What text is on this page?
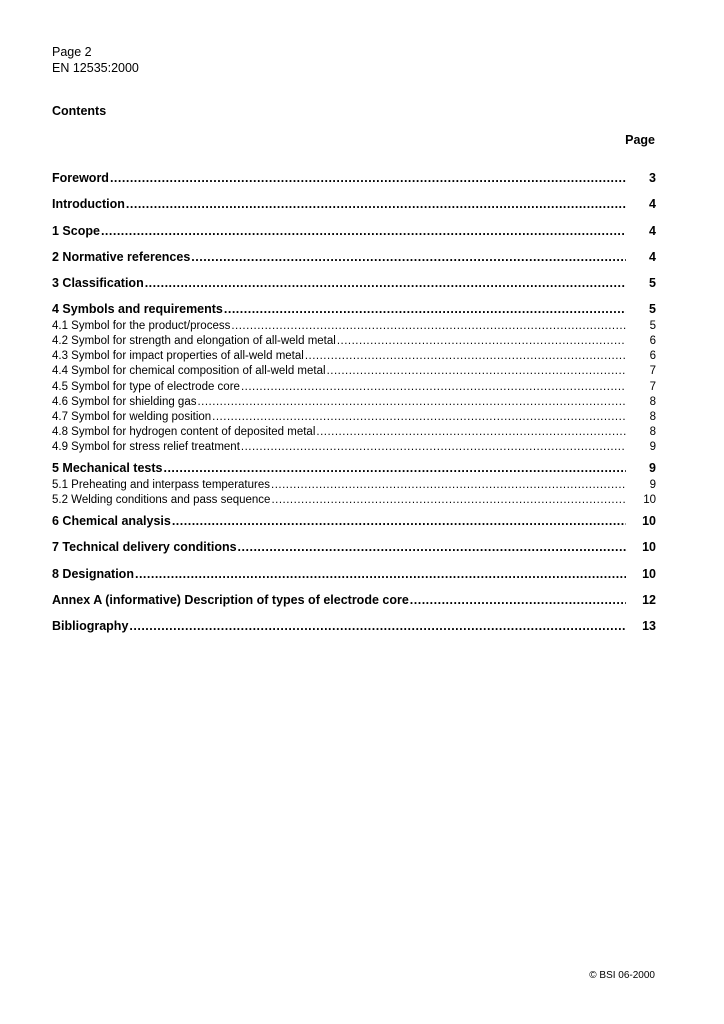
Page 2
EN 12535:2000
Contents
Page
Foreword .....	3
Introduction .....	4
1 Scope .....	4
2 Normative references .....	4
3 Classification .....	5
4 Symbols and requirements .....	5
4.1 Symbol for the product/process .....	5
4.2 Symbol for strength and elongation of all-weld metal .....	6
4.3 Symbol for impact properties of all-weld metal .....	6
4.4 Symbol for chemical composition of all-weld metal .....	7
4.5 Symbol for type of electrode core .....	7
4.6 Symbol for shielding gas .....	8
4.7 Symbol for welding position .....	8
4.8 Symbol for hydrogen content of deposited metal .....	8
4.9 Symbol for stress relief treatment .....	9
5 Mechanical tests .....	9
5.1 Preheating and interpass temperatures .....	9
5.2 Welding conditions and pass sequence .....	10
6 Chemical analysis .....	10
7 Technical delivery conditions .....	10
8 Designation .....	10
Annex A (informative) Description of types of electrode core .....	12
Bibliography .....	13
© BSI 06-2000
